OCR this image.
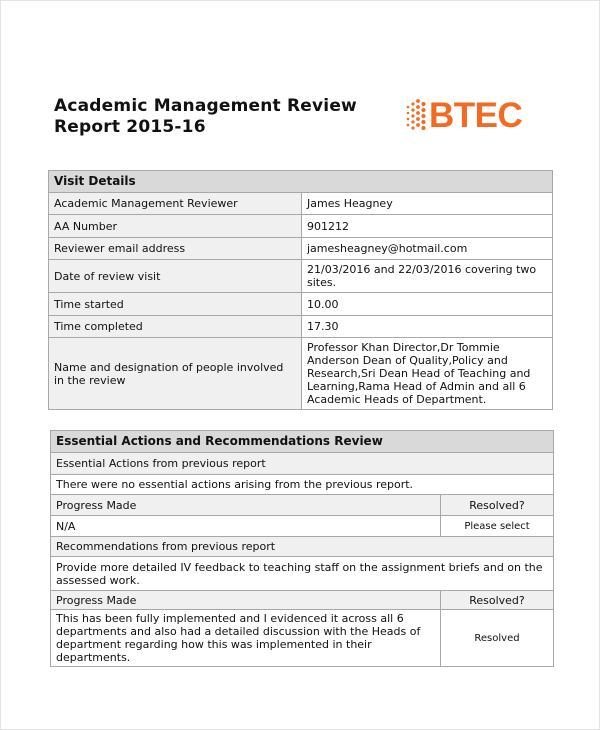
Academic Management Review
Report 2015-16	BTEC
Visit Details	
Academic Management Reviewer	James Heagney
AA Number	901212
Reviewer email address	jamesheagney@hotmail.com
Date of review visit	21/03/2016 and 22/03/2016 covering two sites.
Time started	10.00
Time completed	17.30
Name and designation of people involved in the review	Professor Khan Director,Dr Tommie Anderson Dean of Quality,Policy and Research,Sri Dean Head of Teaching and Learning,Rama Head of Admin and all 6 Academic Heads of Department.
Essential Actions and Recommendations Review	
Essential Actions from previous report	
There were no essential actions arising from the previous report.	
Progress Made	Resolved?
N/A	Please select
Recommendations from previous report	
Provide more detailed IV feedback to teaching staff on the assignment briefs and on the assessed work.	
Progress Made	Resolved?
This has been fully implemented and I evidenced it across all 6 departments and also had a detailed discussion with the Heads of department regarding how this was implemented in their departments.	Resolved
